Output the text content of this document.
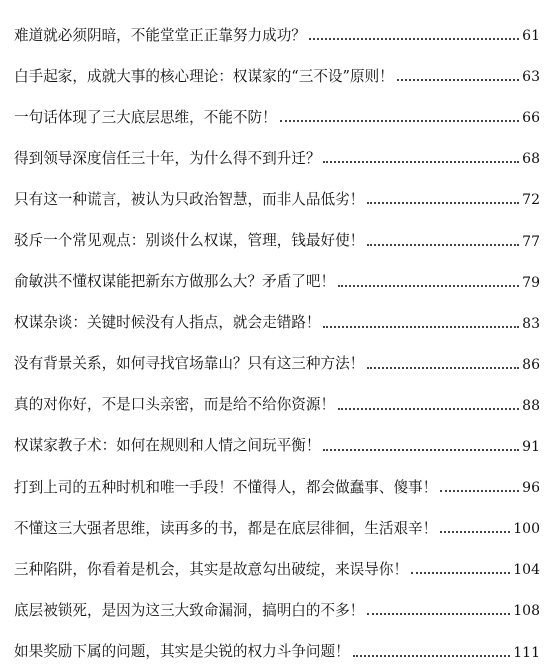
难道就必须阴暗，不能堂堂正正靠努力成功？	61
白手起家，成就大事的核心理论：权谋家的“三不设”原则！	63
一句话体现了三大底层思维，不能不防！	66
得到领导深度信任三十年，为什么得不到升迁？	68
只有这一种谎言，被认为只政治智慧，而非人品低劣！	72
驳斥一个常见观点：别谈什么权谋，管理，钱最好使！	77
俞敏洪不懂权谋能把新东方做那么大？矛盾了吧！	79
权谋杂谈：关键时候没有人指点，就会走错路！	83
没有背景关系，如何寻找官场靠山？只有这三种方法！	86
真的对你好，不是口头亲密，而是给不给你资源！	88
权谋家教子术：如何在规则和人情之间玩平衡！	91
打到上司的五种时机和唯一手段！不懂得人，都会做蠢事、傻事！	96
不懂这三大强者思维，读再多的书，都是在底层徘徊，生活艰辛！	100
三种陷阱，你看着是机会，其实是故意勾出破绽，来误导你！	104
底层被锁死，是因为这三大致命漏洞，搞明白的不多！	108
如果奖励下属的问题，其实是尖锐的权力斗争问题！	111
